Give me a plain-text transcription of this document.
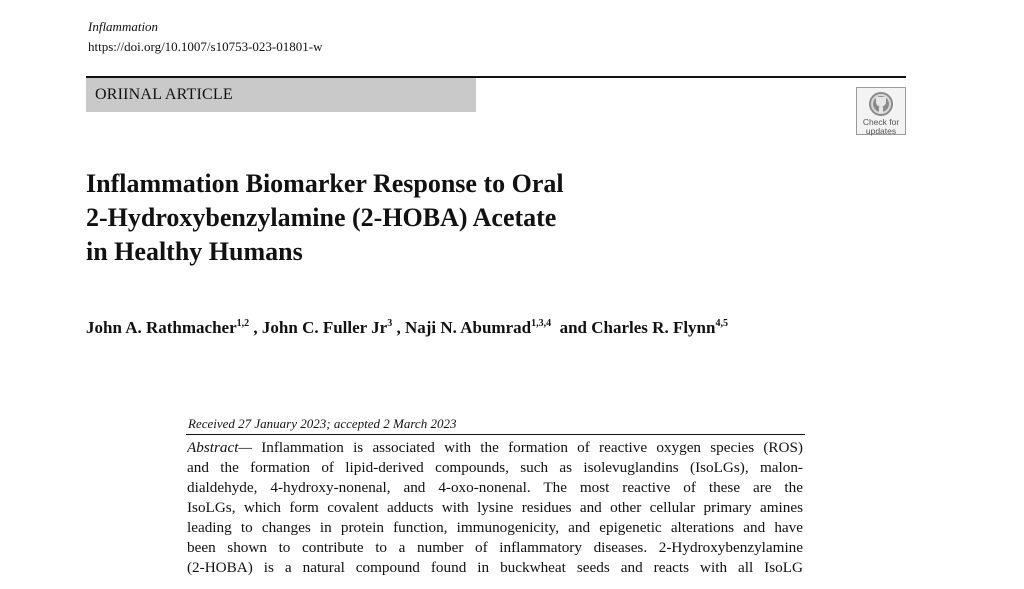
Inflammation
https://doi.org/10.1007/s10753-023-01801-w
ORIINAL ARTICLE
Check for
updates
Inflammation Biomarker Response to Oral
2-Hydroxybenzylamine (2-HOBA) Acetate
in Healthy Humans
John A. Rathmacher$^{1,2}$ , John C. Fuller Jr$^3$ , Naji N. Abumrad$^{1,3,4}$  and Charles R. Flynn$^{4,5}$
Received 27 January 2023; accepted 2 March 2023
Abstract— Inflammation is associated with the formation of reactive oxygen species (ROS)
and the formation of lipid-derived compounds, such as isolevuglandins (IsoLGs), malon-
dialdehyde, 4-hydroxy-nonenal, and 4-oxo-nonenal. The most reactive of these are the
IsoLGs, which form covalent adducts with lysine residues and other cellular primary amines
leading to changes in protein function, immunogenicity, and epigenetic alterations and have
been shown to contribute to a number of inflammatory diseases. 2-Hydroxybenzylamine
(2-HOBA) is a natural compound found in buckwheat seeds and reacts with all IsoLG
